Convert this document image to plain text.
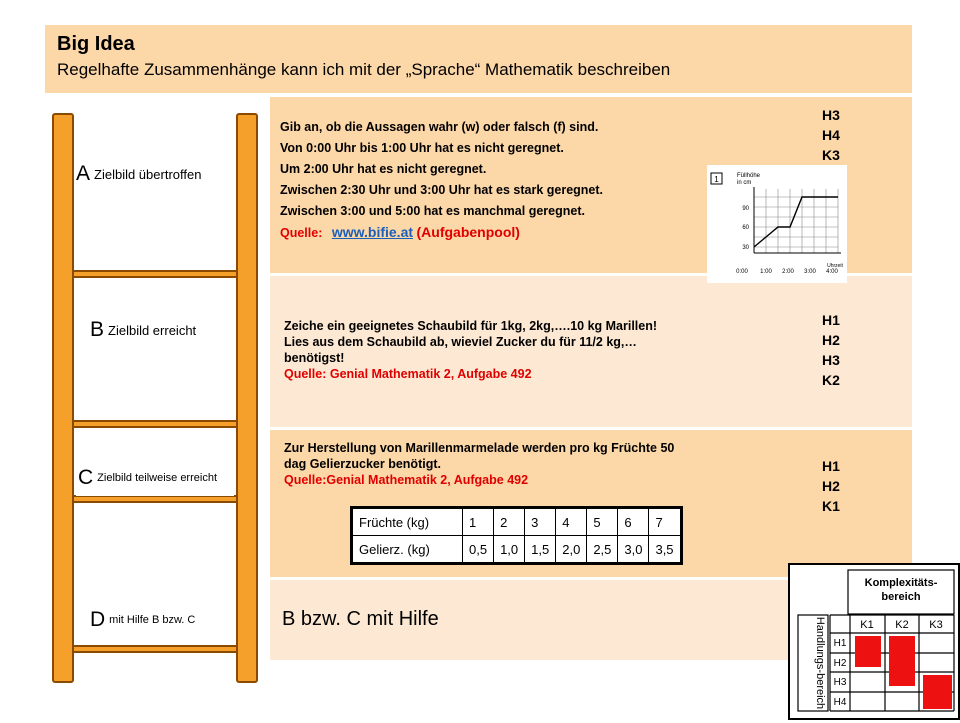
Big Idea
Regelhafte Zusammenhänge kann ich mit der „Sprache“ Mathematik beschreiben
A Zielbild übertroffen
B Zielbild erreicht
C Zielbild teilweise erreicht
D mit Hilfe B bzw. C
Gib an, ob die Aussagen wahr (w) oder falsch (f) sind.
Von 0:00 Uhr bis 1:00 Uhr hat es nicht geregnet.
Um 2:00 Uhr hat es nicht geregnet.
Zwischen 2:30 Uhr und 3:00 Uhr hat es stark geregnet.
Zwischen 3:00 und 5:00 hat es manchmal geregnet.
Quelle: www.bifie.at (Aufgabenpool)
H3
H4
K3
Zeiche ein geeignetes Schaubild für 1kg, 2kg,….10 kg Marillen!
Lies aus dem Schaubild ab, wieviel Zucker du für 11/2 kg,…
benötigst!
Quelle: Genial Mathematik 2, Aufgabe 492
H1
H2
H3
K2
Zur Herstellung von Marillenmarmelade werden pro kg Früchte 50
dag Gelierzucker benötigt.
Quelle:Genial Mathematik 2, Aufgabe 492
H1
H2
K1
B bzw. C mit Hilfe
1	Füllhöhe
in cm
90
60
30
0:00 1:00 2:00 3:00 4:00
Uhrzeit
Früchte (kg)	1	2	3	4	5	6	7
Gelierz. (kg)	0,5	1,0	1,5	2,0	2,5	3,0	3,5
Komplexitäts-
bereich
K1 K2 K3
H1
H2
H3
H4
Handlungs-bereich
